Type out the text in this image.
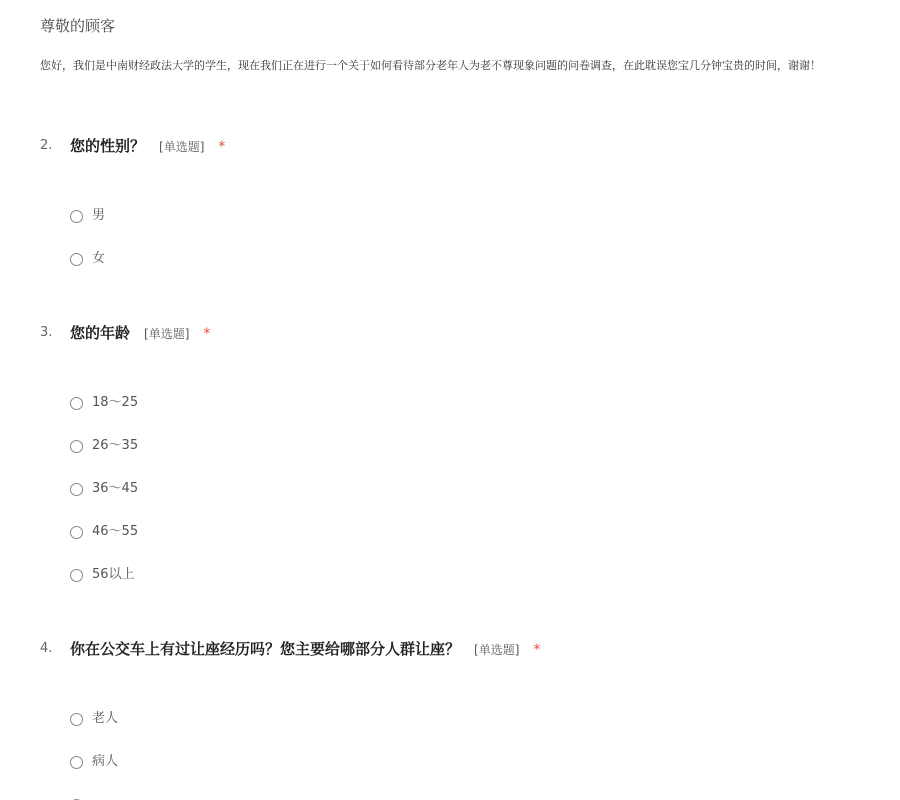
尊敬的顾客
您好，我们是中南财经政法大学的学生，现在我们正在进行一个关于如何看待部分老年人为老不尊现象问题的问卷调查，在此耽误您宝几分钟宝贵的时间，谢谢！
2. 您的性别？ [单选题] *
男
女
3. 您的年龄 [单选题] *
18～25
26～35
36～45
46～55
56以上
4. 你在公交车上有过让座经历吗？您主要给哪部分人群让座？ [单选题] *
老人
病人
